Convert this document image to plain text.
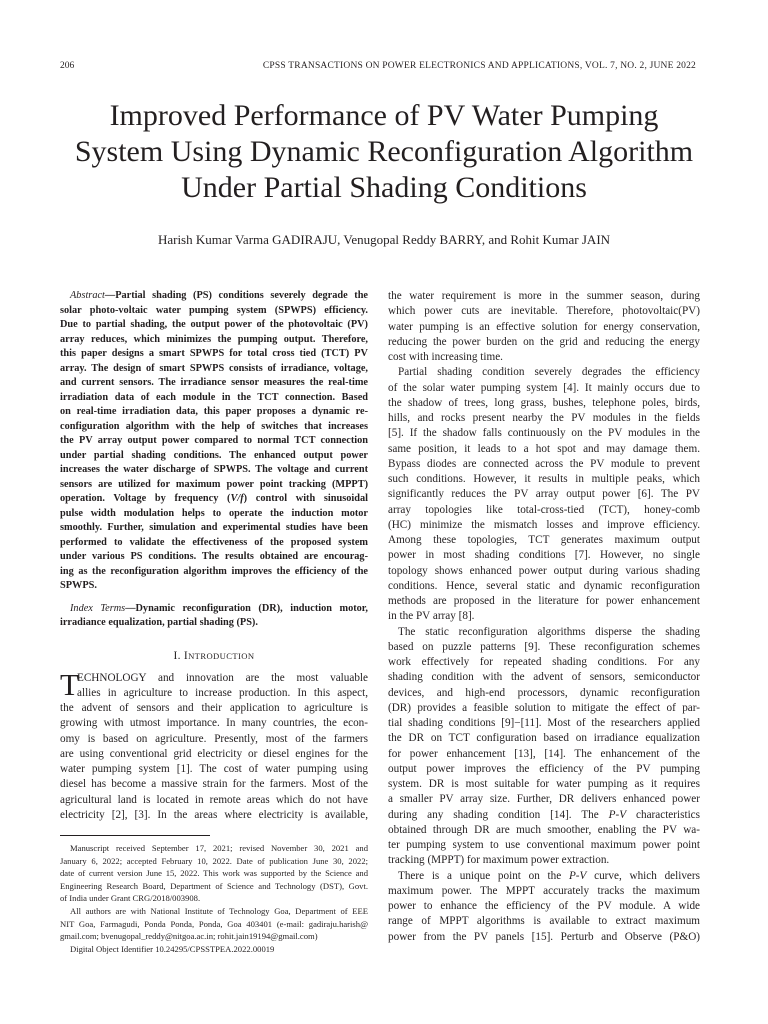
206	CPSS TRANSACTIONS ON POWER ELECTRONICS AND APPLICATIONS, VOL. 7, NO. 2, JUNE 2022
Improved Performance of PV Water Pumping
System Using Dynamic Reconfiguration Algorithm
Under Partial Shading Conditions
Harish Kumar Varma GADIRAJU, Venugopal Reddy BARRY, and Rohit Kumar JAIN
Abstract—Partial shading (PS) conditions severely degrade the
solar photo-voltaic water pumping system (SPWPS) efficiency.
Due to partial shading, the output power of the photovoltaic (PV)
array reduces, which minimizes the pumping output. Therefore,
this paper designs a smart SPWPS for total cross tied (TCT) PV
array. The design of smart SPWPS consists of irradiance, voltage,
and current sensors. The irradiance sensor measures the real-time
irradiation data of each module in the TCT connection. Based
on real-time irradiation data, this paper proposes a dynamic re-
configuration algorithm with the help of switches that increases
the PV array output power compared to normal TCT connection
under partial shading conditions. The enhanced output power
increases the water discharge of SPWPS. The voltage and current
sensors are utilized for maximum power point tracking (MPPT)
operation. Voltage by frequency (V/f) control with sinusoidal
pulse width modulation helps to operate the induction motor
smoothly. Further, simulation and experimental studies have been
performed to validate the effectiveness of the proposed system
under various PS conditions. The results obtained are encourag-
ing as the reconfiguration algorithm improves the efficiency of the
SPWPS.
Index Terms—Dynamic reconfiguration (DR), induction motor,
irradiance equalization, partial shading (PS).
I. INTRODUCTION
T
ECHNOLOGY and innovation are the most valuable
allies in agriculture to increase production. In this aspect,
the advent of sensors and their application to agriculture is
growing with utmost importance. In many countries, the econ-
omy is based on agriculture. Presently, most of the farmers
are using conventional grid electricity or diesel engines for the
water pumping system [1]. The cost of water pumping using
diesel has become a massive strain for the farmers. Most of the
agricultural land is located in remote areas which do not have
electricity [2], [3]. In the areas where electricity is available,
Manuscript received September 17, 2021; revised November 30, 2021 and
January 6, 2022; accepted February 10, 2022. Date of publication June 30, 2022;
date of current version June 15, 2022. This work was supported by the Science and
Engineering Research Board, Department of Science and Technology (DST), Govt.
of India under Grant CRG/2018/003908.
All authors are with National Institute of Technology Goa, Department of EEE
NIT Goa, Farmagudi, Ponda Ponda, Ponda, Goa 403401 (e-mail: gadiraju.harish@
gmail.com; bvenugopal_reddy@nitgoa.ac.in; rohit.jain19194@gmail.com)
Digital Object Identifier 10.24295/CPSSTPEA.2022.00019
the water requirement is more in the summer season, during
which power cuts are inevitable. Therefore, photovoltaic(PV)
water pumping is an effective solution for energy conservation,
reducing the power burden on the grid and reducing the energy
cost with increasing time.
Partial shading condition severely degrades the efficiency
of the solar water pumping system [4]. It mainly occurs due to
the shadow of trees, long grass, bushes, telephone poles, birds,
hills, and rocks present nearby the PV modules in the fields
[5]. If the shadow falls continuously on the PV modules in the
same position, it leads to a hot spot and may damage them.
Bypass diodes are connected across the PV module to prevent
such conditions. However, it results in multiple peaks, which
significantly reduces the PV array output power [6]. The PV
array topologies like total-cross-tied (TCT), honey-comb
(HC) minimize the mismatch losses and improve efficiency.
Among these topologies, TCT generates maximum output
power in most shading conditions [7]. However, no single
topology shows enhanced power output during various shading
conditions. Hence, several static and dynamic reconfiguration
methods are proposed in the literature for power enhancement
in the PV array [8].
The static reconfiguration algorithms disperse the shading
based on puzzle patterns [9]. These reconfiguration schemes
work effectively for repeated shading conditions. For any
shading condition with the advent of sensors, semiconductor
devices, and high-end processors, dynamic reconfiguration
(DR) provides a feasible solution to mitigate the effect of par-
tial shading conditions [9]−[11]. Most of the researchers applied
the DR on TCT configuration based on irradiance equalization
for power enhancement [13], [14]. The enhancement of the
output power improves the efficiency of the PV pumping
system. DR is most suitable for water pumping as it requires
a smaller PV array size. Further, DR delivers enhanced power
during any shading condition [14]. The P-V characteristics
obtained through DR are much smoother, enabling the PV wa-
ter pumping system to use conventional maximum power point
tracking (MPPT) for maximum power extraction.
There is a unique point on the P-V curve, which delivers
maximum power. The MPPT accurately tracks the maximum
power to enhance the efficiency of the PV module. A wide
range of MPPT algorithms is available to extract maximum
power from the PV panels [15]. Perturb and Observe (P&O)
